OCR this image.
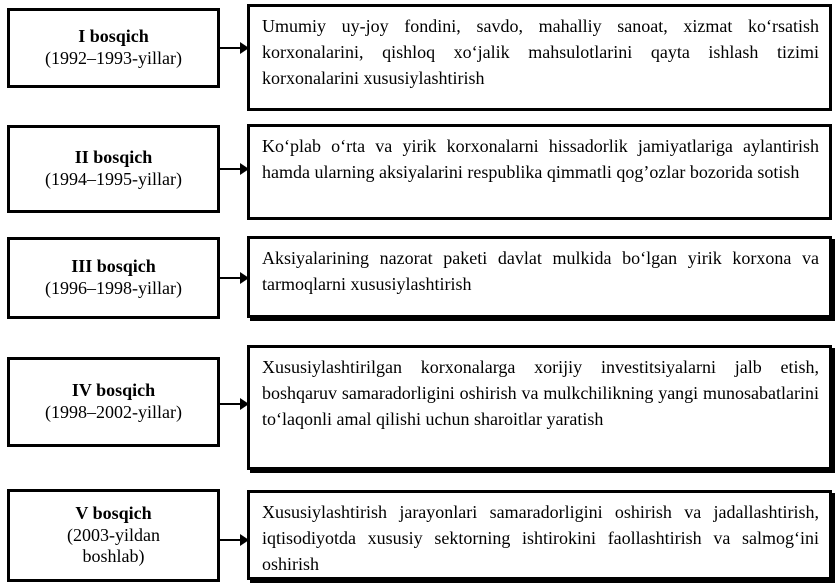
I bosqich
(1992–1993-yillar)
Umumiy uy-joy fondini, savdo, mahalliy sanoat, xizmat ko‘rsatish korxonalarini, qishloq xo‘jalik mahsulotlarini qayta ishlash tizimi korxonalarini xususiylashtirish
II bosqich
(1994–1995-yillar)
Ko‘plab o‘rta va yirik korxonalarni hissadorlik jamiyatlariga aylantirish hamda ularning aksiyalarini respublika qimmatli qog’ozlar bozorida sotish
III bosqich
(1996–1998-yillar)
Aksiyalarining nazorat paketi davlat mulkida bo‘lgan yirik korxona va tarmoqlarni xususiylashtirish
IV bosqich
(1998–2002-yillar)
Xususiylashtirilgan korxonalarga xorijiy investitsiyalarni jalb etish, boshqaruv samaradorligini oshirish va mulkchilikning yangi munosabatlarini to‘laqonli amal qilishi uchun sharoitlar yaratish
V bosqich
(2003-yildan boshlab)
Xususiylashtirish jarayonlari samaradorligini oshirish va jadallashtirish, iqtisodiyotda xususiy sektorning ishtirokini faollashtirish va salmog‘ini oshirish
